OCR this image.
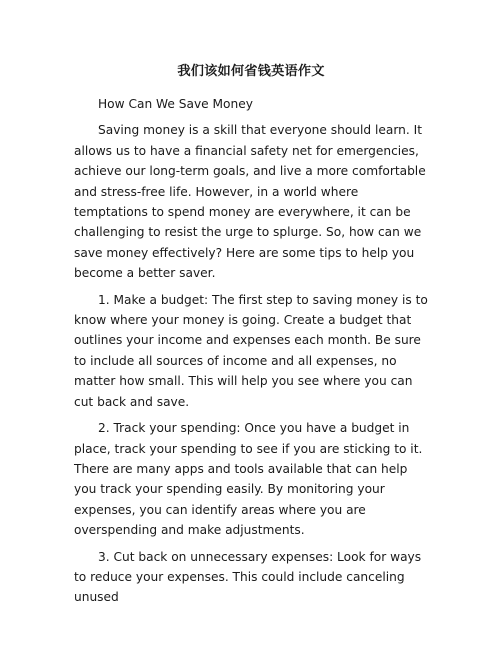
我们该如何省钱英语作文

How Can We Save Money

Saving money is a skill that everyone should learn. It allows us to have a financial safety net for emergencies, achieve our long-term goals, and live a more comfortable and stress-free life. However, in a world where temptations to spend money are everywhere, it can be challenging to resist the urge to splurge. So, how can we save money effectively? Here are some tips to help you become a better saver.

1. Make a budget: The first step to saving money is to know where your money is going. Create a budget that outlines your income and expenses each month. Be sure to include all sources of income and all expenses, no matter how small. This will help you see where you can cut back and save.

2. Track your spending: Once you have a budget in place, track your spending to see if you are sticking to it. There are many apps and tools available that can help you track your spending easily. By monitoring your expenses, you can identify areas where you are overspending and make adjustments.

3. Cut back on unnecessary expenses: Look for ways to reduce your expenses. This could include canceling unused
